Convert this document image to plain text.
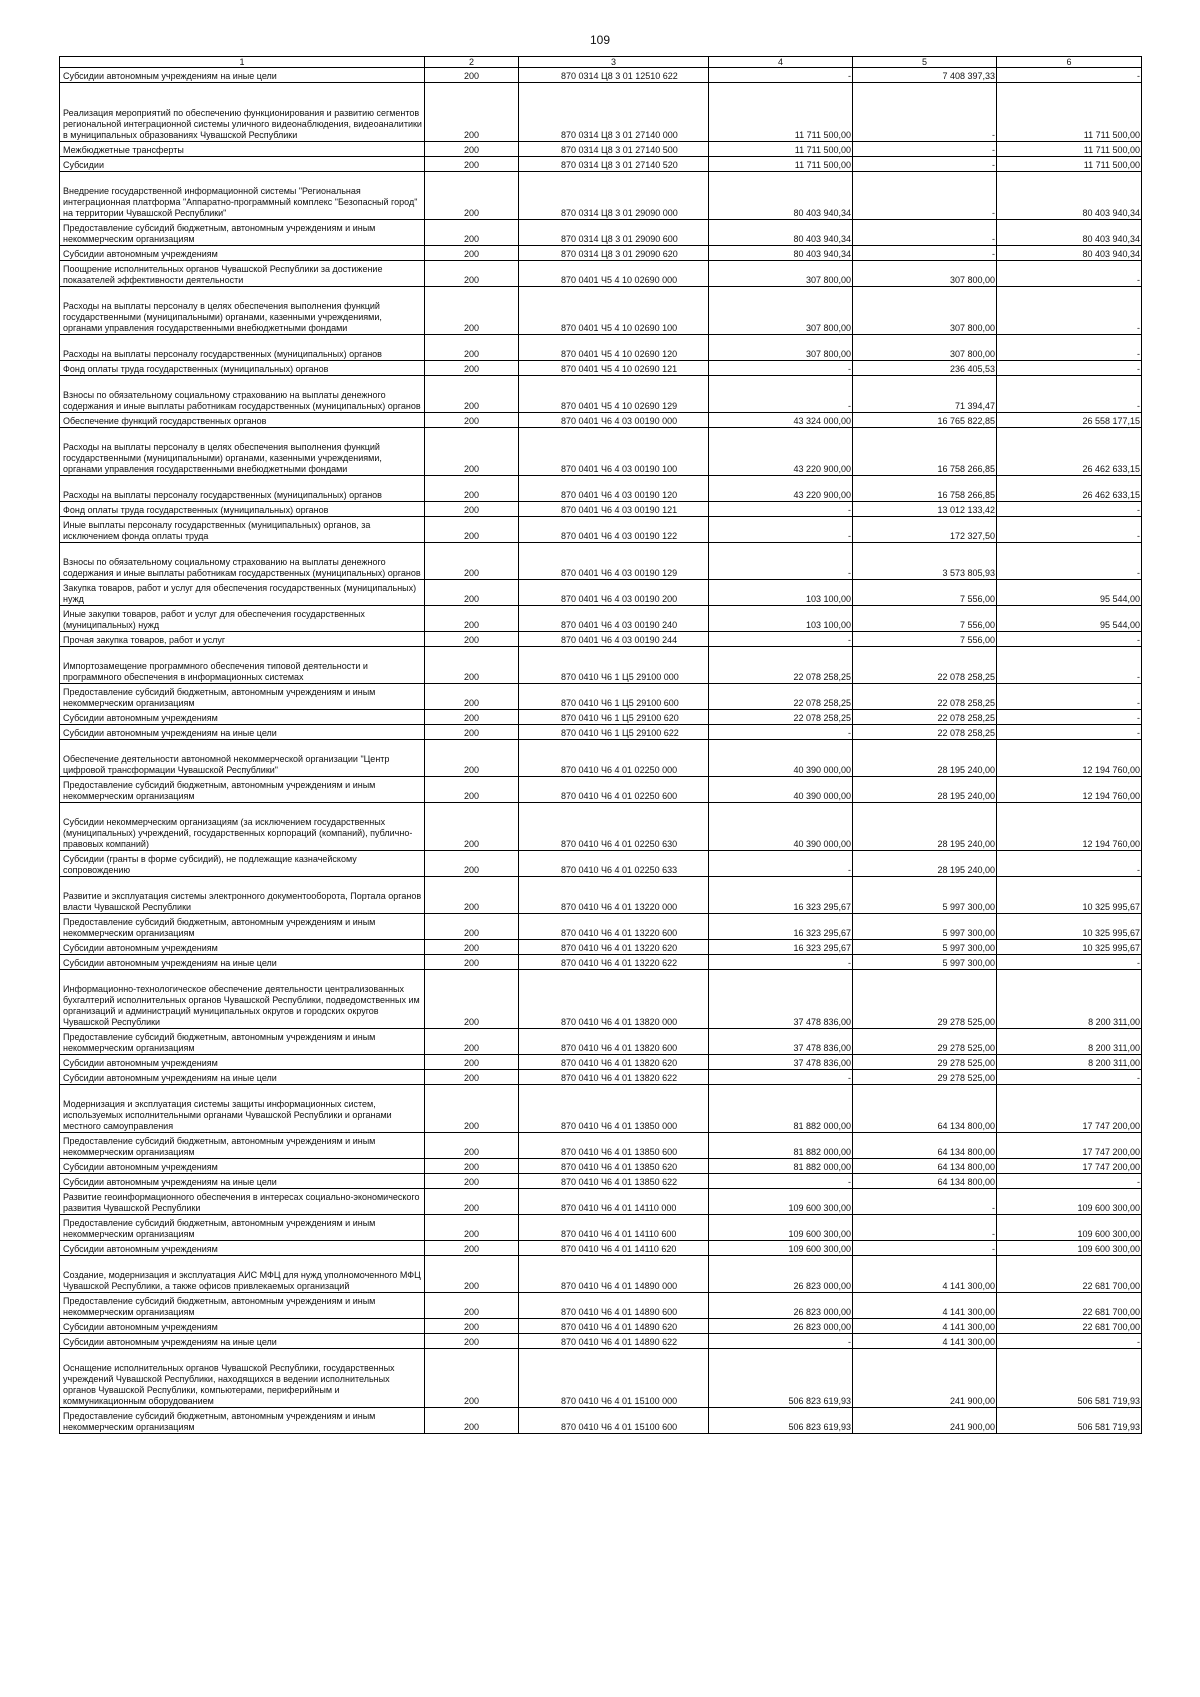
109
1	2	3	4	5	6
Субсидии автономным учреждениям на иные цели	200	870 0314 Ц8 3 01 12510 622	-	7 408 397,33	-
Реализация мероприятий по обеспечению функционирования и развитию сегментов региональной интеграционной системы уличного видеонаблюдения, видеоаналитики в муниципальных образованиях Чувашской Республики	200	870 0314 Ц8 3 01 27140 000	11 711 500,00	-	11 711 500,00
Межбюджетные трансферты	200	870 0314 Ц8 3 01 27140 500	11 711 500,00	-	11 711 500,00
Субсидии	200	870 0314 Ц8 3 01 27140 520	11 711 500,00	-	11 711 500,00
Внедрение государственной информационной системы "Региональная интеграционная платформа "Аппаратно-программный комплекс "Безопасный город" на территории Чувашской Республики"	200	870 0314 Ц8 3 01 29090 000	80 403 940,34	-	80 403 940,34
Предоставление субсидий бюджетным, автономным учреждениям и иным некоммерческим организациям	200	870 0314 Ц8 3 01 29090 600	80 403 940,34	-	80 403 940,34
Субсидии автономным учреждениям	200	870 0314 Ц8 3 01 29090 620	80 403 940,34	-	80 403 940,34
Поощрение исполнительных органов Чувашской Республики за достижение показателей эффективности деятельности	200	870 0401 Ч5 4 10 02690 000	307 800,00	307 800,00	-
Расходы на выплаты персоналу в целях обеспечения выполнения функций государственными (муниципальными) органами, казенными учреждениями, органами управления государственными внебюджетными фондами	200	870 0401 Ч5 4 10 02690 100	307 800,00	307 800,00	-
Расходы на выплаты персоналу государственных (муниципальных) органов	200	870 0401 Ч5 4 10 02690 120	307 800,00	307 800,00	-
Фонд оплаты труда государственных (муниципальных) органов	200	870 0401 Ч5 4 10 02690 121	-	236 405,53	-
Взносы по обязательному социальному страхованию на выплаты денежного содержания и иные выплаты работникам государственных (муниципальных) органов	200	870 0401 Ч5 4 10 02690 129	-	71 394,47	-
Обеспечение функций государственных органов	200	870 0401 Ч6 4 03 00190 000	43 324 000,00	16 765 822,85	26 558 177,15
Расходы на выплаты персоналу в целях обеспечения выполнения функций государственными (муниципальными) органами, казенными учреждениями, органами управления государственными внебюджетными фондами	200	870 0401 Ч6 4 03 00190 100	43 220 900,00	16 758 266,85	26 462 633,15
Расходы на выплаты персоналу государственных (муниципальных) органов	200	870 0401 Ч6 4 03 00190 120	43 220 900,00	16 758 266,85	26 462 633,15
Фонд оплаты труда государственных (муниципальных) органов	200	870 0401 Ч6 4 03 00190 121	-	13 012 133,42	-
Иные выплаты персоналу государственных (муниципальных) органов, за исключением фонда оплаты труда	200	870 0401 Ч6 4 03 00190 122	-	172 327,50	-
Взносы по обязательному социальному страхованию на выплаты денежного содержания и иные выплаты работникам государственных (муниципальных) органов	200	870 0401 Ч6 4 03 00190 129	-	3 573 805,93	-
Закупка товаров, работ и услуг для обеспечения государственных (муниципальных) нужд	200	870 0401 Ч6 4 03 00190 200	103 100,00	7 556,00	95 544,00
Иные закупки товаров, работ и услуг для обеспечения государственных (муниципальных) нужд	200	870 0401 Ч6 4 03 00190 240	103 100,00	7 556,00	95 544,00
Прочая закупка товаров, работ и услуг	200	870 0401 Ч6 4 03 00190 244	-	7 556,00	-
Импортозамещение программного обеспечения типовой деятельности и программного обеспечения в информационных системах	200	870 0410 Ч6 1 Ц5 29100 000	22 078 258,25	22 078 258,25	-
Предоставление субсидий бюджетным, автономным учреждениям и иным некоммерческим организациям	200	870 0410 Ч6 1 Ц5 29100 600	22 078 258,25	22 078 258,25	-
Субсидии автономным учреждениям	200	870 0410 Ч6 1 Ц5 29100 620	22 078 258,25	22 078 258,25	-
Субсидии автономным учреждениям на иные цели	200	870 0410 Ч6 1 Ц5 29100 622	-	22 078 258,25	-
Обеспечение деятельности автономной некоммерческой организации "Центр цифровой трансформации Чувашской Республики"	200	870 0410 Ч6 4 01 02250 000	40 390 000,00	28 195 240,00	12 194 760,00
Предоставление субсидий бюджетным, автономным учреждениям и иным некоммерческим организациям	200	870 0410 Ч6 4 01 02250 600	40 390 000,00	28 195 240,00	12 194 760,00
Субсидии некоммерческим организациям (за исключением государственных (муниципальных) учреждений, государственных корпораций (компаний), публично-правовых компаний)	200	870 0410 Ч6 4 01 02250 630	40 390 000,00	28 195 240,00	12 194 760,00
Субсидии (гранты в форме субсидий), не подлежащие казначейскому сопровождению	200	870 0410 Ч6 4 01 02250 633	-	28 195 240,00	-
Развитие и эксплуатация системы электронного документооборота, Портала органов власти Чувашской Республики	200	870 0410 Ч6 4 01 13220 000	16 323 295,67	5 997 300,00	10 325 995,67
Предоставление субсидий бюджетным, автономным учреждениям и иным некоммерческим организациям	200	870 0410 Ч6 4 01 13220 600	16 323 295,67	5 997 300,00	10 325 995,67
Субсидии автономным учреждениям	200	870 0410 Ч6 4 01 13220 620	16 323 295,67	5 997 300,00	10 325 995,67
Субсидии автономным учреждениям на иные цели	200	870 0410 Ч6 4 01 13220 622	-	5 997 300,00	-
Информационно-технологическое обеспечение деятельности централизованных бухгалтерий исполнительных органов Чувашской Республики, подведомственных им организаций и администраций муниципальных округов и городских округов Чувашской Республики	200	870 0410 Ч6 4 01 13820 000	37 478 836,00	29 278 525,00	8 200 311,00
Предоставление субсидий бюджетным, автономным учреждениям и иным некоммерческим организациям	200	870 0410 Ч6 4 01 13820 600	37 478 836,00	29 278 525,00	8 200 311,00
Субсидии автономным учреждениям	200	870 0410 Ч6 4 01 13820 620	37 478 836,00	29 278 525,00	8 200 311,00
Субсидии автономным учреждениям на иные цели	200	870 0410 Ч6 4 01 13820 622	-	29 278 525,00	-
Модернизация и эксплуатация системы защиты информационных систем, используемых исполнительными органами Чувашской Республики и органами местного самоуправления	200	870 0410 Ч6 4 01 13850 000	81 882 000,00	64 134 800,00	17 747 200,00
Предоставление субсидий бюджетным, автономным учреждениям и иным некоммерческим организациям	200	870 0410 Ч6 4 01 13850 600	81 882 000,00	64 134 800,00	17 747 200,00
Субсидии автономным учреждениям	200	870 0410 Ч6 4 01 13850 620	81 882 000,00	64 134 800,00	17 747 200,00
Субсидии автономным учреждениям на иные цели	200	870 0410 Ч6 4 01 13850 622	-	64 134 800,00	-
Развитие геоинформационного обеспечения в интересах социально-экономического развития Чувашской Республики	200	870 0410 Ч6 4 01 14110 000	109 600 300,00	-	109 600 300,00
Предоставление субсидий бюджетным, автономным учреждениям и иным некоммерческим организациям	200	870 0410 Ч6 4 01 14110 600	109 600 300,00	-	109 600 300,00
Субсидии автономным учреждениям	200	870 0410 Ч6 4 01 14110 620	109 600 300,00	-	109 600 300,00
Создание, модернизация и эксплуатация АИС МФЦ для нужд уполномоченного МФЦ Чувашской Республики, а также офисов привлекаемых организаций	200	870 0410 Ч6 4 01 14890 000	26 823 000,00	4 141 300,00	22 681 700,00
Предоставление субсидий бюджетным, автономным учреждениям и иным некоммерческим организациям	200	870 0410 Ч6 4 01 14890 600	26 823 000,00	4 141 300,00	22 681 700,00
Субсидии автономным учреждениям	200	870 0410 Ч6 4 01 14890 620	26 823 000,00	4 141 300,00	22 681 700,00
Субсидии автономным учреждениям на иные цели	200	870 0410 Ч6 4 01 14890 622	-	4 141 300,00	-
Оснащение исполнительных органов Чувашской Республики, государственных учреждений Чувашской Республики, находящихся в ведении исполнительных органов Чувашской Республики, компьютерами, периферийным и коммуникационным оборудованием	200	870 0410 Ч6 4 01 15100 000	506 823 619,93	241 900,00	506 581 719,93
Предоставление субсидий бюджетным, автономным учреждениям и иным некоммерческим организациям	200	870 0410 Ч6 4 01 15100 600	506 823 619,93	241 900,00	506 581 719,93
